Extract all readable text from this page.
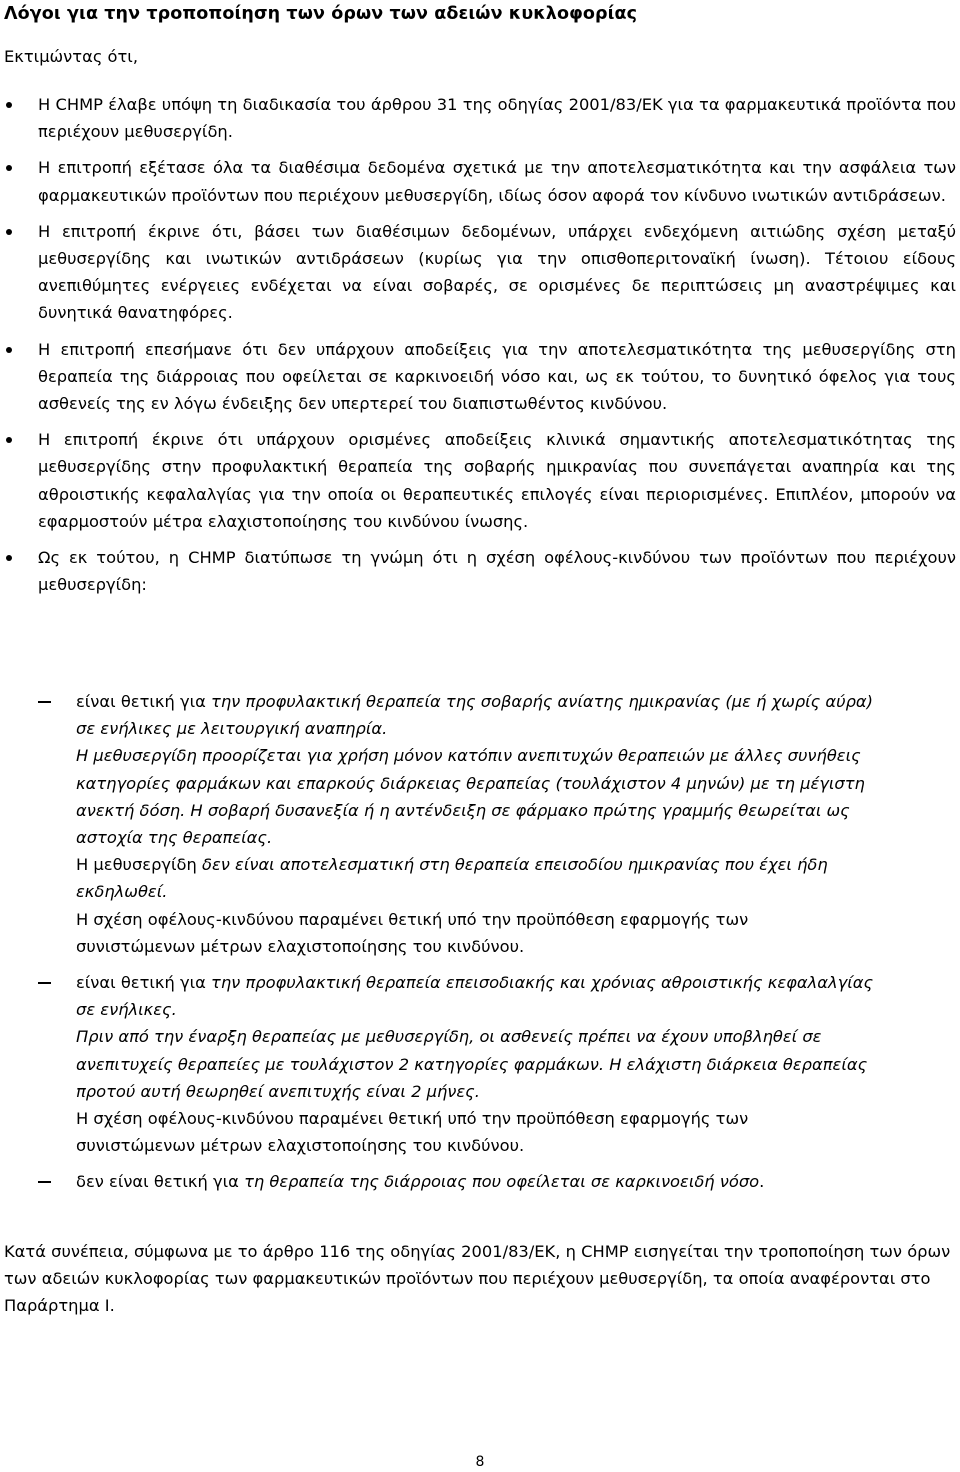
Λόγοι για την τροποποίηση των όρων των αδειών κυκλοφορίας
Εκτιμώντας ότι,
Η CHMP έλαβε υπόψη τη διαδικασία του άρθρου 31 της οδηγίας 2001/83/ΕΚ για τα φαρμακευτικά προϊόντα που περιέχουν μεθυσεργίδη.
Η επιτροπή εξέτασε όλα τα διαθέσιμα δεδομένα σχετικά με την αποτελεσματικότητα και την ασφάλεια των φαρμακευτικών προϊόντων που περιέχουν μεθυσεργίδη, ιδίως όσον αφορά τον κίνδυνο ινωτικών αντιδράσεων.
Η επιτροπή έκρινε ότι, βάσει των διαθέσιμων δεδομένων, υπάρχει ενδεχόμενη αιτιώδης σχέση μεταξύ μεθυσεργίδης και ινωτικών αντιδράσεων (κυρίως για την οπισθοπεριτοναϊκή ίνωση). Τέτοιου είδους ανεπιθύμητες ενέργειες ενδέχεται να είναι σοβαρές, σε ορισμένες δε περιπτώσεις μη αναστρέψιμες και δυνητικά θανατηφόρες.
Η επιτροπή επεσήμανε ότι δεν υπάρχουν αποδείξεις για την αποτελεσματικότητα της μεθυσεργίδης στη θεραπεία της διάρροιας που οφείλεται σε καρκινοειδή νόσο και, ως εκ τούτου, το δυνητικό όφελος για τους ασθενείς της εν λόγω ένδειξης δεν υπερτερεί του διαπιστωθέντος κινδύνου.
Η επιτροπή έκρινε ότι υπάρχουν ορισμένες αποδείξεις κλινικά σημαντικής αποτελεσματικότητας της μεθυσεργίδης στην προφυλακτική θεραπεία της σοβαρής ημικρανίας που συνεπάγεται αναπηρία και της αθροιστικής κεφαλαλγίας για την οποία οι θεραπευτικές επιλογές είναι περιορισμένες. Επιπλέον, μπορούν να εφαρμοστούν μέτρα ελαχιστοποίησης του κινδύνου ίνωσης.
Ως εκ τούτου, η CHMP διατύπωσε τη γνώμη ότι η σχέση οφέλους-κινδύνου των προϊόντων που περιέχουν μεθυσεργίδη:
είναι θετική για την προφυλακτική θεραπεία της σοβαρής ανίατης ημικρανίας (με ή χωρίς αύρα)
σε ενήλικες με λειτουργική αναπηρία.
Η μεθυσεργίδη προορίζεται για χρήση μόνον κατόπιν ανεπιτυχών θεραπειών με άλλες συνήθεις
κατηγορίες φαρμάκων και επαρκούς διάρκειας θεραπείας (τουλάχιστον 4 μηνών) με τη μέγιστη
ανεκτή δόση. Η σοβαρή δυσανεξία ή η αντένδειξη σε φάρμακο πρώτης γραμμής θεωρείται ως
αστοχία της θεραπείας.
Η μεθυσεργίδη δεν είναι αποτελεσματική στη θεραπεία επεισοδίου ημικρανίας που έχει ήδη
εκδηλωθεί.
Η σχέση οφέλους-κινδύνου παραμένει θετική υπό την προϋπόθεση εφαρμογής των
συνιστώμενων μέτρων ελαχιστοποίησης του κινδύνου.
είναι θετική για την προφυλακτική θεραπεία επεισοδιακής και χρόνιας αθροιστικής κεφαλαλγίας
σε ενήλικες.
Πριν από την έναρξη θεραπείας με μεθυσεργίδη, οι ασθενείς πρέπει να έχουν υποβληθεί σε
ανεπιτυχείς θεραπείες με τουλάχιστον 2 κατηγορίες φαρμάκων. Η ελάχιστη διάρκεια θεραπείας
προτού αυτή θεωρηθεί ανεπιτυχής είναι 2 μήνες.
Η σχέση οφέλους-κινδύνου παραμένει θετική υπό την προϋπόθεση εφαρμογής των
συνιστώμενων μέτρων ελαχιστοποίησης του κινδύνου.
δεν είναι θετική για τη θεραπεία της διάρροιας που οφείλεται σε καρκινοειδή νόσο.
Κατά συνέπεια, σύμφωνα με το άρθρο 116 της οδηγίας 2001/83/ΕΚ, η CHMP εισηγείται την τροποποίηση των όρων των αδειών κυκλοφορίας των φαρμακευτικών προϊόντων που περιέχουν μεθυσεργίδη, τα οποία αναφέρονται στο Παράρτημα Ι.
8
